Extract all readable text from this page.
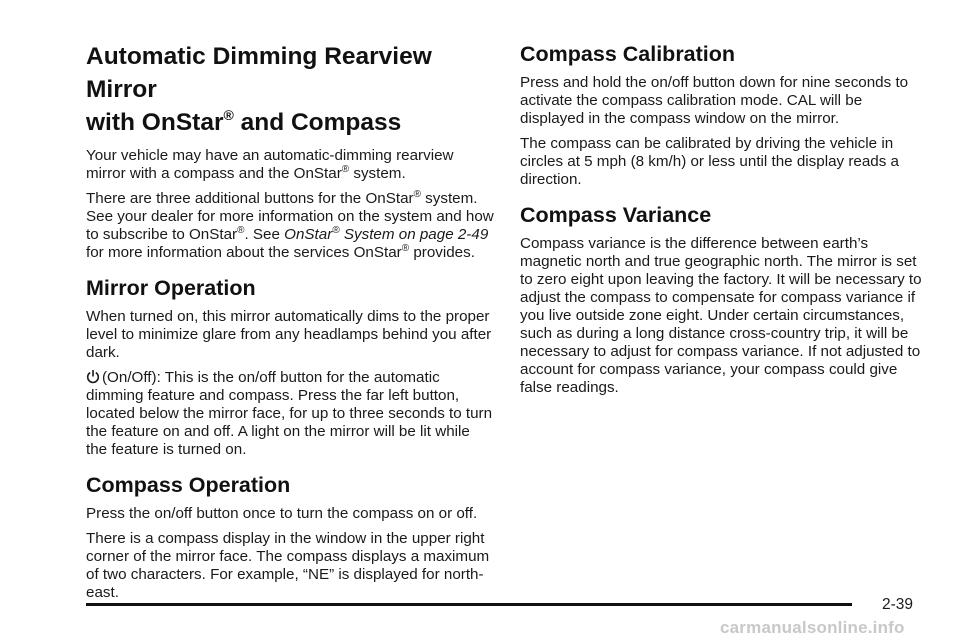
Automatic Dimming Rearview Mirror
with OnStar® and Compass

Your vehicle may have an automatic-dimming rearview mirror with a compass and the OnStar® system.

There are three additional buttons for the OnStar® system. See your dealer for more information on the system and how to subscribe to OnStar®. See OnStar® System on page 2-49 for more information about the services OnStar® provides.

Mirror Operation

When turned on, this mirror automatically dims to the proper level to minimize glare from any headlamps behind you after dark.

(On/Off): This is the on/off button for the automatic dimming feature and compass. Press the far left button, located below the mirror face, for up to three seconds to turn the feature on and off. A light on the mirror will be lit while the feature is turned on.

Compass Operation

Press the on/off button once to turn the compass on or off.

There is a compass display in the window in the upper right corner of the mirror face. The compass displays a maximum of two characters. For example, “NE” is displayed for north-east.

Compass Calibration

Press and hold the on/off button down for nine seconds to activate the compass calibration mode. CAL will be displayed in the compass window on the mirror.

The compass can be calibrated by driving the vehicle in circles at 5 mph (8 km/h) or less until the display reads a direction.

Compass Variance

Compass variance is the difference between earth’s magnetic north and true geographic north. The mirror is set to zero eight upon leaving the factory. It will be necessary to adjust the compass to compensate for compass variance if you live outside zone eight. Under certain circumstances, such as during a long distance cross-country trip, it will be necessary to adjust for compass variance. If not adjusted to account for compass variance, your compass could give false readings.

2-39
carmanualsonline.info
